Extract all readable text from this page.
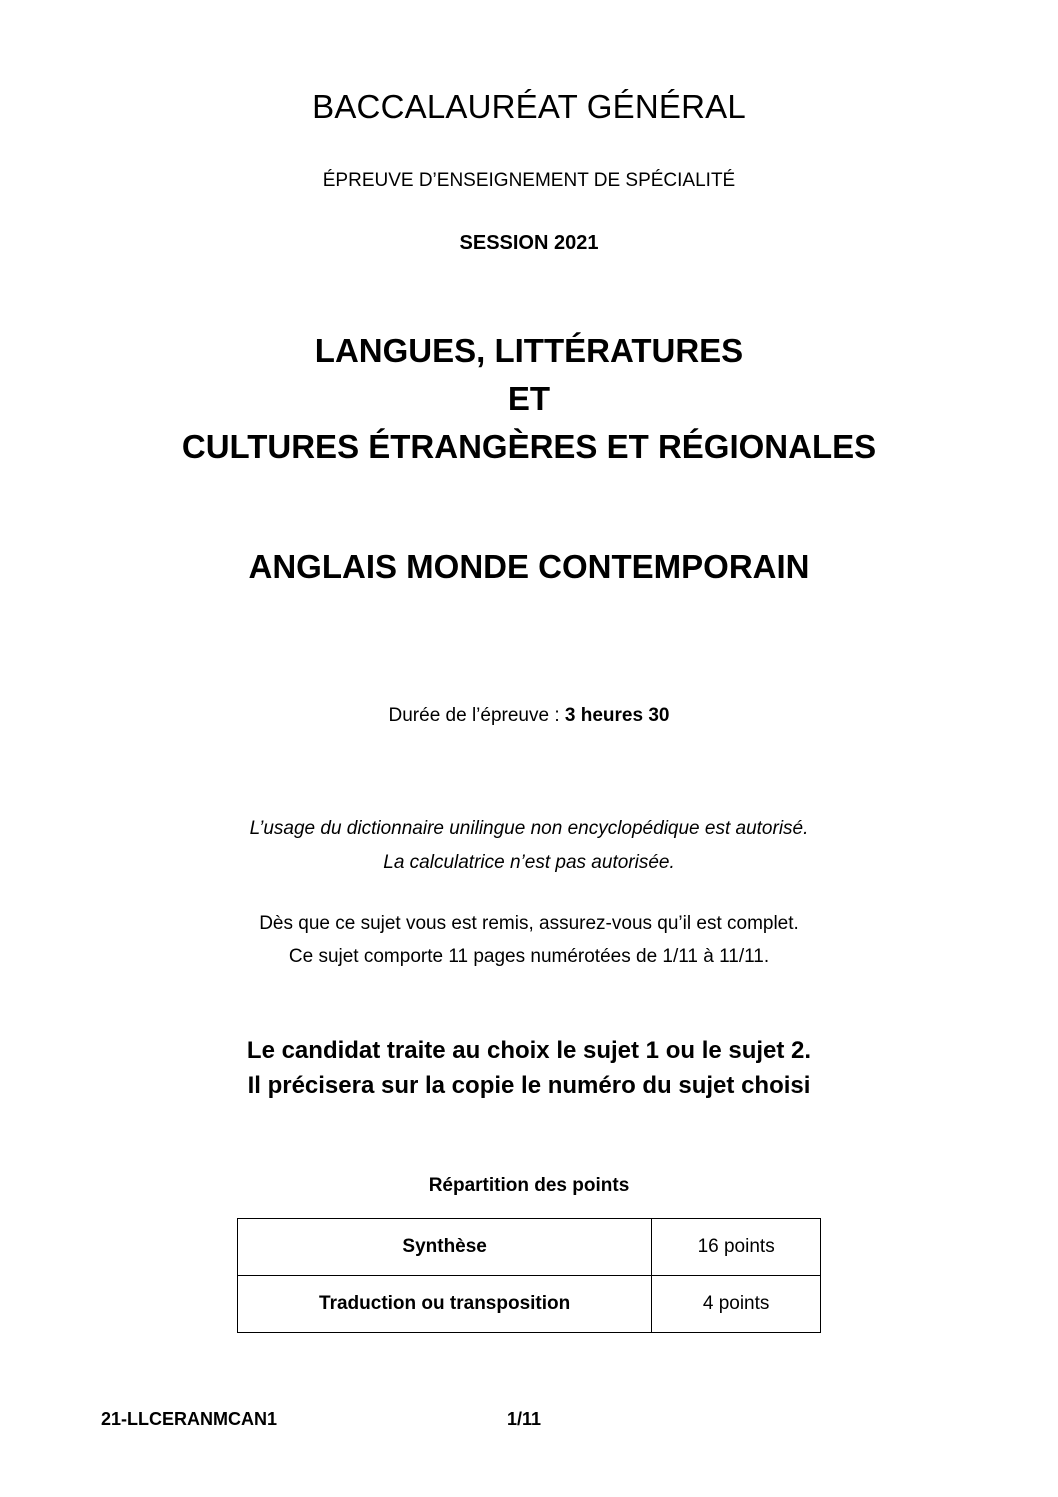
BACCALAURÉAT GÉNÉRAL
ÉPREUVE D’ENSEIGNEMENT DE SPÉCIALITÉ
SESSION 2021
LANGUES, LITTÉRATURES
ET
CULTURES ÉTRANGÈRES ET RÉGIONALES
ANGLAIS MONDE CONTEMPORAIN
Durée de l’épreuve : 3 heures 30
L’usage du dictionnaire unilingue non encyclopédique est autorisé.
La calculatrice n’est pas autorisée.
Dès que ce sujet vous est remis, assurez-vous qu’il est complet.
Ce sujet comporte 11 pages numérotées de 1/11 à 11/11.
Le candidat traite au choix le sujet 1 ou le sujet 2.
Il précisera sur la copie le numéro du sujet choisi
Répartition des points
Synthèse	16 points
Traduction ou transposition	4 points
21-LLCERANMCAN1	1/11
